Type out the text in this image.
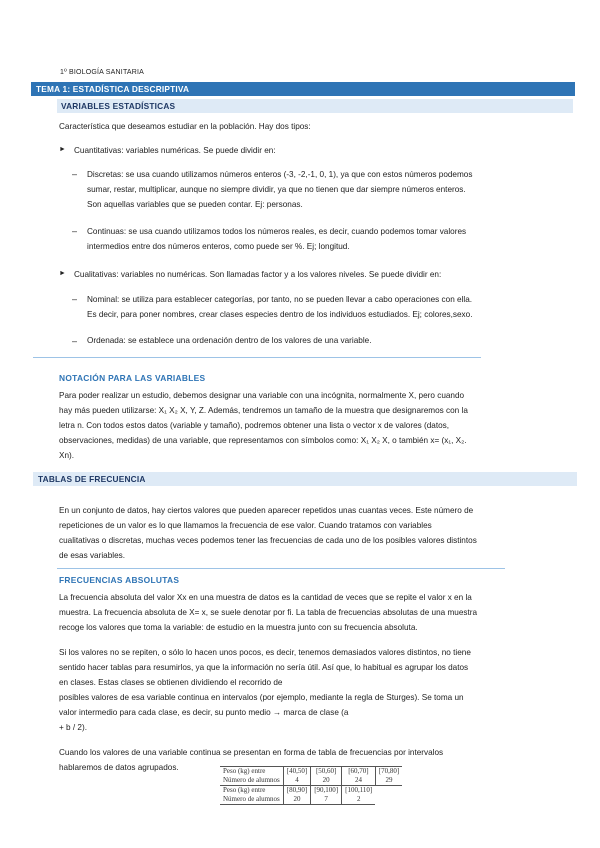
1º BIOLOGÍA SANITARIA
TEMA 1: ESTADÍSTICA DESCRIPTIVA
VARIABLES ESTADÍSTICAS
Característica que deseamos estudiar en la población. Hay dos tipos:
► Cuantitativas: variables numéricas. Se puede dividir en:
– Discretas: se usa cuando utilizamos números enteros (-3, -2,-1, 0, 1), ya que con estos números podemos
sumar, restar, multiplicar, aunque no siempre dividir, ya que no tienen que dar siempre números enteros.
Son aquellas variables que se pueden contar. Ej: personas.
– Continuas: se usa cuando utilizamos todos los números reales, es decir, cuando podemos tomar valores
intermedios entre dos números enteros, como puede ser %. Ej; longitud.
► Cualitativas: variables no numéricas. Son llamadas factor y a los valores niveles. Se puede dividir en:
– Nominal: se utiliza para establecer categorías, por tanto, no se pueden llevar a cabo operaciones con ella.
Es decir, para poner nombres, crear clases especies dentro de los individuos estudiados. Ej; colores,sexo.
– Ordenada: se establece una ordenación dentro de los valores de una variable.
NOTACIÓN PARA LAS VARIABLES
Para poder realizar un estudio, debemos designar una variable con una incógnita, normalmente X, pero cuando
hay más pueden utilizarse: X₁ X₂ X, Y, Z. Además, tendremos un tamaño de la muestra que designaremos con la
letra n. Con todos estos datos (variable y tamaño), podremos obtener una lista o vector x de valores (datos,
observaciones, medidas) de una variable, que representamos con símbolos como: X₁ X₂ X, o también x= (x₁, X₂.
Xn).
TABLAS DE FRECUENCIA
En un conjunto de datos, hay ciertos valores que pueden aparecer repetidos unas cuantas veces. Este número de
repeticiones de un valor es lo que llamamos la frecuencia de ese valor. Cuando tratamos con variables
cualitativas o discretas, muchas veces podemos tener las frecuencias de cada uno de los posibles valores distintos
de esas variables.
FRECUENCIAS ABSOLUTAS
La frecuencia absoluta del valor Xx en una muestra de datos es la cantidad de veces que se repite el valor x en la
muestra. La frecuencia absoluta de X= x, se suele denotar por fi. La tabla de frecuencias absolutas de una muestra
recoge los valores que toma la variable: de estudio en la muestra junto con su frecuencia absoluta.
Si los valores no se repiten, o sólo lo hacen unos pocos, es decir, tenemos demasiados valores distintos, no tiene
sentido hacer tablas para resumirlos, ya que la información no sería útil. Así que, lo habitual es agrupar los datos
en clases. Estas clases se obtienen dividiendo el recorrido de
posibles valores de esa variable continua en intervalos (por ejemplo, mediante la regla de Sturges). Se toma un
valor intermedio para cada clase, es decir, su punto medio → marca de clase (a
+ b / 2).
Cuando los valores de una variable continua se presentan en forma de tabla de frecuencias por intervalos
hablaremos de datos agrupados.	Peso (kg) entre	[40,50]	[50,60]	[60,70]	[70,80]
Número de alumnos	4	20	24	29
Peso (kg) entre	[80,90]	[90,100]	[100,110]	
Número de alumnos	20	7	2	
